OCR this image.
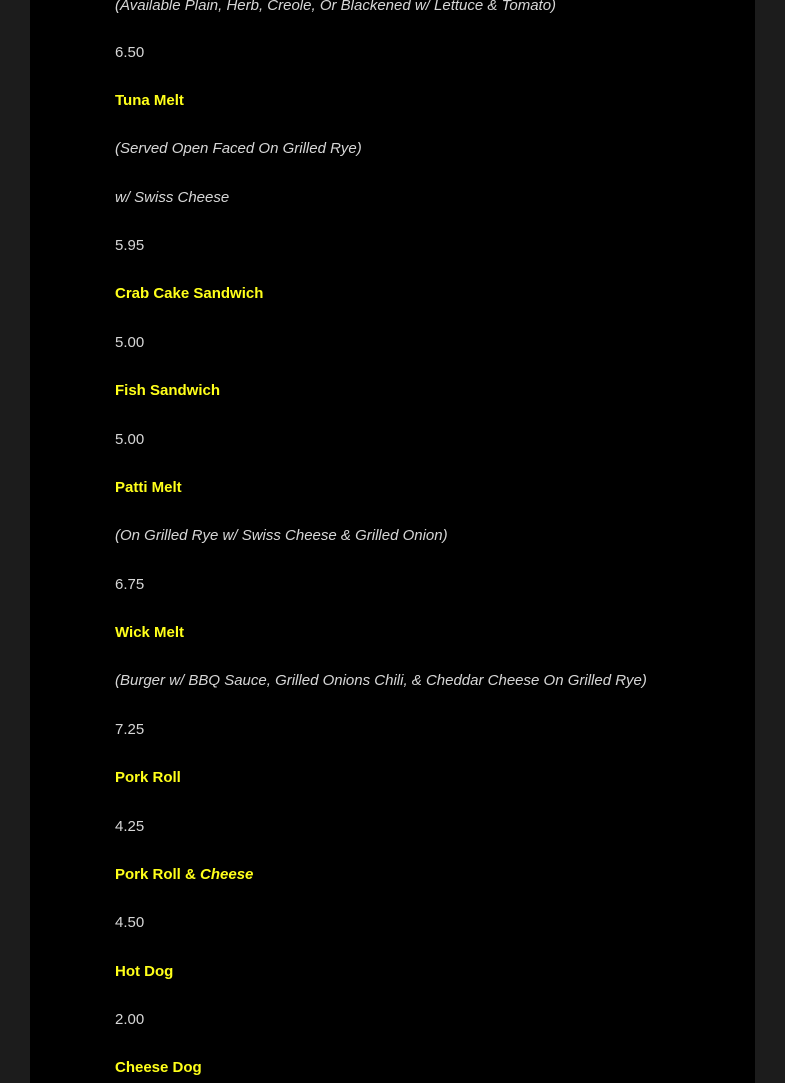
(Available Plain, Herb, Creole, Or Blackened w/ Lettuce & Tomato)
6.50
Tuna Melt
(Served Open Faced On Grilled Rye)
w/ Swiss Cheese
5.95
Crab Cake Sandwich
5.00
Fish Sandwich
5.00
Patti Melt
(On Grilled Rye w/ Swiss Cheese & Grilled Onion)
6.75
Wick Melt
(Burger w/ BBQ Sauce, Grilled Onions Chili, & Cheddar Cheese On Grilled Rye)
7.25
Pork Roll
4.25
Pork Roll & Cheese
4.50
Hot Dog
2.00
Cheese Dog
